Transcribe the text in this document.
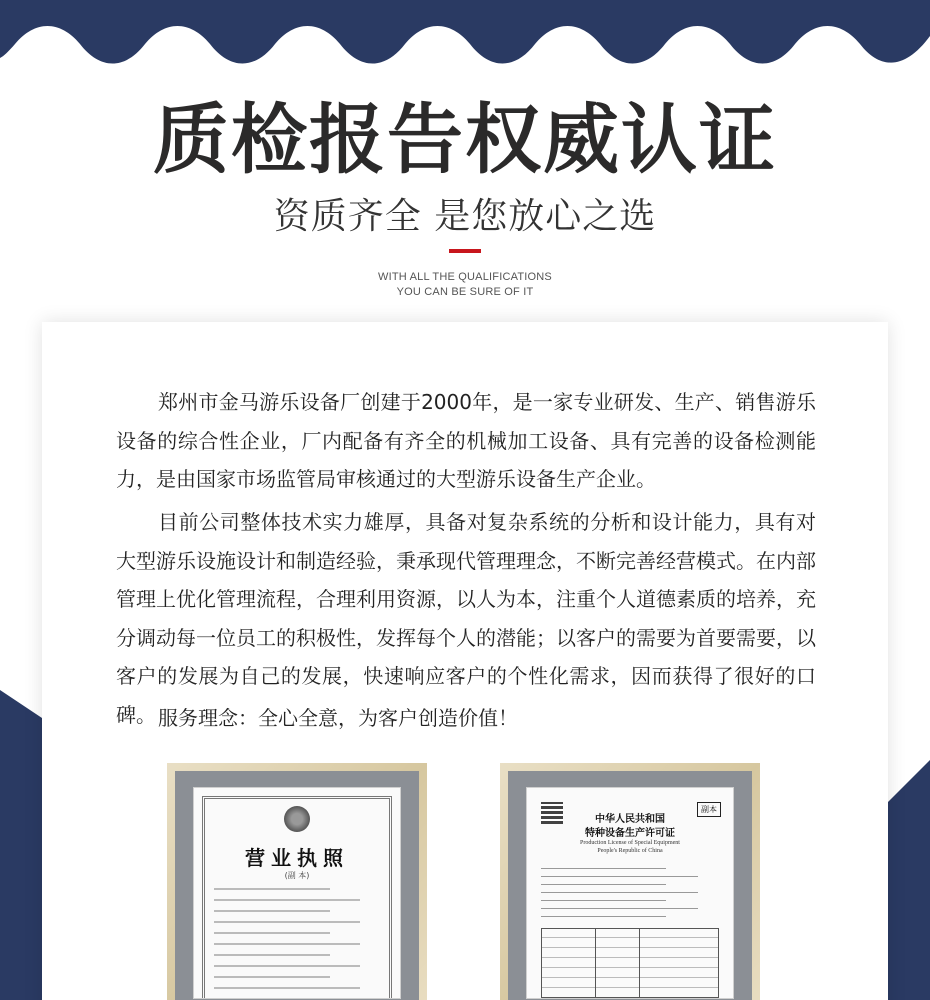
质检报告权威认证
资质齐全 是您放心之选
WITH ALL THE QUALIFICATIONS
YOU CAN BE SURE OF IT

郑州市金马游乐设备厂创建于2000年，是一家专业研发、生产、销售游乐设备的综合性企业，厂内配备有齐全的机械加工设备、具有完善的设备检测能力，是由国家市场监管局审核通过的大型游乐设备生产企业。

目前公司整体技术实力雄厚，具备对复杂系统的分析和设计能力，具有对大型游乐设施设计和制造经验，秉承现代管理理念，不断完善经营模式。在内部管理上优化管理流程，合理利用资源，以人为本，注重个人道德素质的培养，充分调动每一位员工的积极性，发挥每个人的潜能；以客户的需要为首要需要，以客户的发展为自己的发展，快速响应客户的个性化需求，因而获得了很好的口碑。 服务理念：全心全意，为客户创造价值！

营业执照
(副 本)
副本
中华人民共和国
特种设备生产许可证
Production License of Special Equipment
People's Republic of China
